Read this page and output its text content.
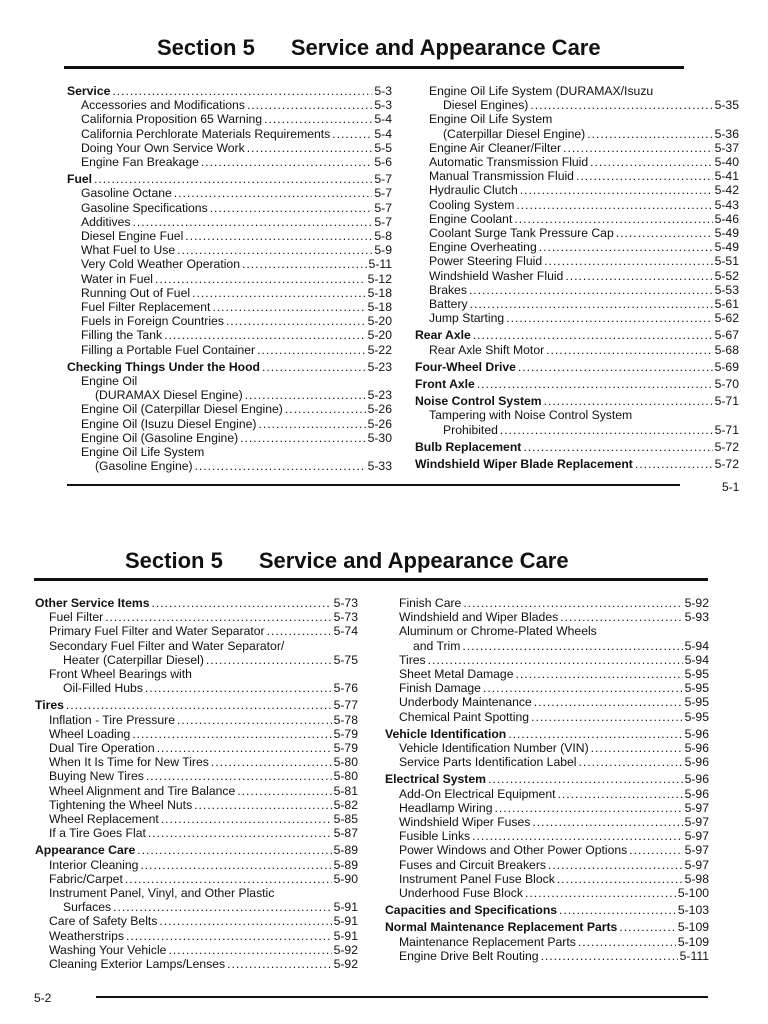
Section 5 Service and Appearance Care
Service . . .	5-3
Accessories and Modifications . . .	5-3
California Proposition 65 Warning . . .	5-4
California Perchlorate Materials Requirements . . .	5-4
Doing Your Own Service Work . . .	5-5
Engine Fan Breakage . . .	5-6
Fuel . . .	5-7
Gasoline Octane . . .	5-7
Gasoline Specifications . . .	5-7
Additives . . .	5-7
Diesel Engine Fuel . . .	5-8
What Fuel to Use . . .	5-9
Very Cold Weather Operation . . .	5-11
Water in Fuel . . .	5-12
Running Out of Fuel . . .	5-18
Fuel Filter Replacement . . .	5-18
Fuels in Foreign Countries . . .	5-20
Filling the Tank . . .	5-20
Filling a Portable Fuel Container . . .	5-22
Checking Things Under the Hood . . .	5-23
Engine Oil
(DURAMAX Diesel Engine) . . .	5-23
Engine Oil (Caterpillar Diesel Engine) . . .	5-26
Engine Oil (Isuzu Diesel Engine) . . .	5-26
Engine Oil (Gasoline Engine) . . .	5-30
Engine Oil Life System
(Gasoline Engine) . . .	5-33
Engine Oil Life System (DURAMAX/Isuzu
Diesel Engines) . . .	5-35
Engine Oil Life System
(Caterpillar Diesel Engine) . . .	5-36
Engine Air Cleaner/Filter . . .	5-37
Automatic Transmission Fluid . . .	5-40
Manual Transmission Fluid . . .	5-41
Hydraulic Clutch . . .	5-42
Cooling System . . .	5-43
Engine Coolant . . .	5-46
Coolant Surge Tank Pressure Cap . . .	5-49
Engine Overheating . . .	5-49
Power Steering Fluid . . .	5-51
Windshield Washer Fluid . . .	5-52
Brakes . . .	5-53
Battery . . .	5-61
Jump Starting . . .	5-62
Rear Axle . . .	5-67
Rear Axle Shift Motor . . .	5-68
Four-Wheel Drive . . .	5-69
Front Axle . . .	5-70
Noise Control System . . .	5-71
Tampering with Noise Control System
Prohibited . . .	5-71
Bulb Replacement . . .	5-72
Windshield Wiper Blade Replacement . . .	5-72
5-1
Section 5 Service and Appearance Care
Other Service Items . . .	5-73
Fuel Filter . . .	5-73
Primary Fuel Filter and Water Separator . . .	5-74
Secondary Fuel Filter and Water Separator/
Heater (Caterpillar Diesel) . . .	5-75
Front Wheel Bearings with
Oil-Filled Hubs . . .	5-76
Tires . . .	5-77
Inflation - Tire Pressure . . .	5-78
Wheel Loading . . .	5-79
Dual Tire Operation . . .	5-79
When It Is Time for New Tires . . .	5-80
Buying New Tires . . .	5-80
Wheel Alignment and Tire Balance . . .	5-81
Tightening the Wheel Nuts . . .	5-82
Wheel Replacement . . .	5-85
If a Tire Goes Flat . . .	5-87
Appearance Care . . .	5-89
Interior Cleaning . . .	5-89
Fabric/Carpet . . .	5-90
Instrument Panel, Vinyl, and Other Plastic
Surfaces . . .	5-91
Care of Safety Belts . . .	5-91
Weatherstrips . . .	5-91
Washing Your Vehicle . . .	5-92
Cleaning Exterior Lamps/Lenses . . .	5-92
Finish Care . . .	5-92
Windshield and Wiper Blades . . .	5-93
Aluminum or Chrome-Plated Wheels
and Trim . . .	5-94
Tires . . .	5-94
Sheet Metal Damage . . .	5-95
Finish Damage . . .	5-95
Underbody Maintenance . . .	5-95
Chemical Paint Spotting . . .	5-95
Vehicle Identification . . .	5-96
Vehicle Identification Number (VIN) . . .	5-96
Service Parts Identification Label . . .	5-96
Electrical System . . .	5-96
Add-On Electrical Equipment . . .	5-96
Headlamp Wiring . . .	5-97
Windshield Wiper Fuses . . .	5-97
Fusible Links . . .	5-97
Power Windows and Other Power Options . . .	5-97
Fuses and Circuit Breakers . . .	5-97
Instrument Panel Fuse Block . . .	5-98
Underhood Fuse Block . . .	5-100
Capacities and Specifications . . .	5-103
Normal Maintenance Replacement Parts . . .	5-109
Maintenance Replacement Parts . . .	5-109
Engine Drive Belt Routing . . .	5-111
5-2
